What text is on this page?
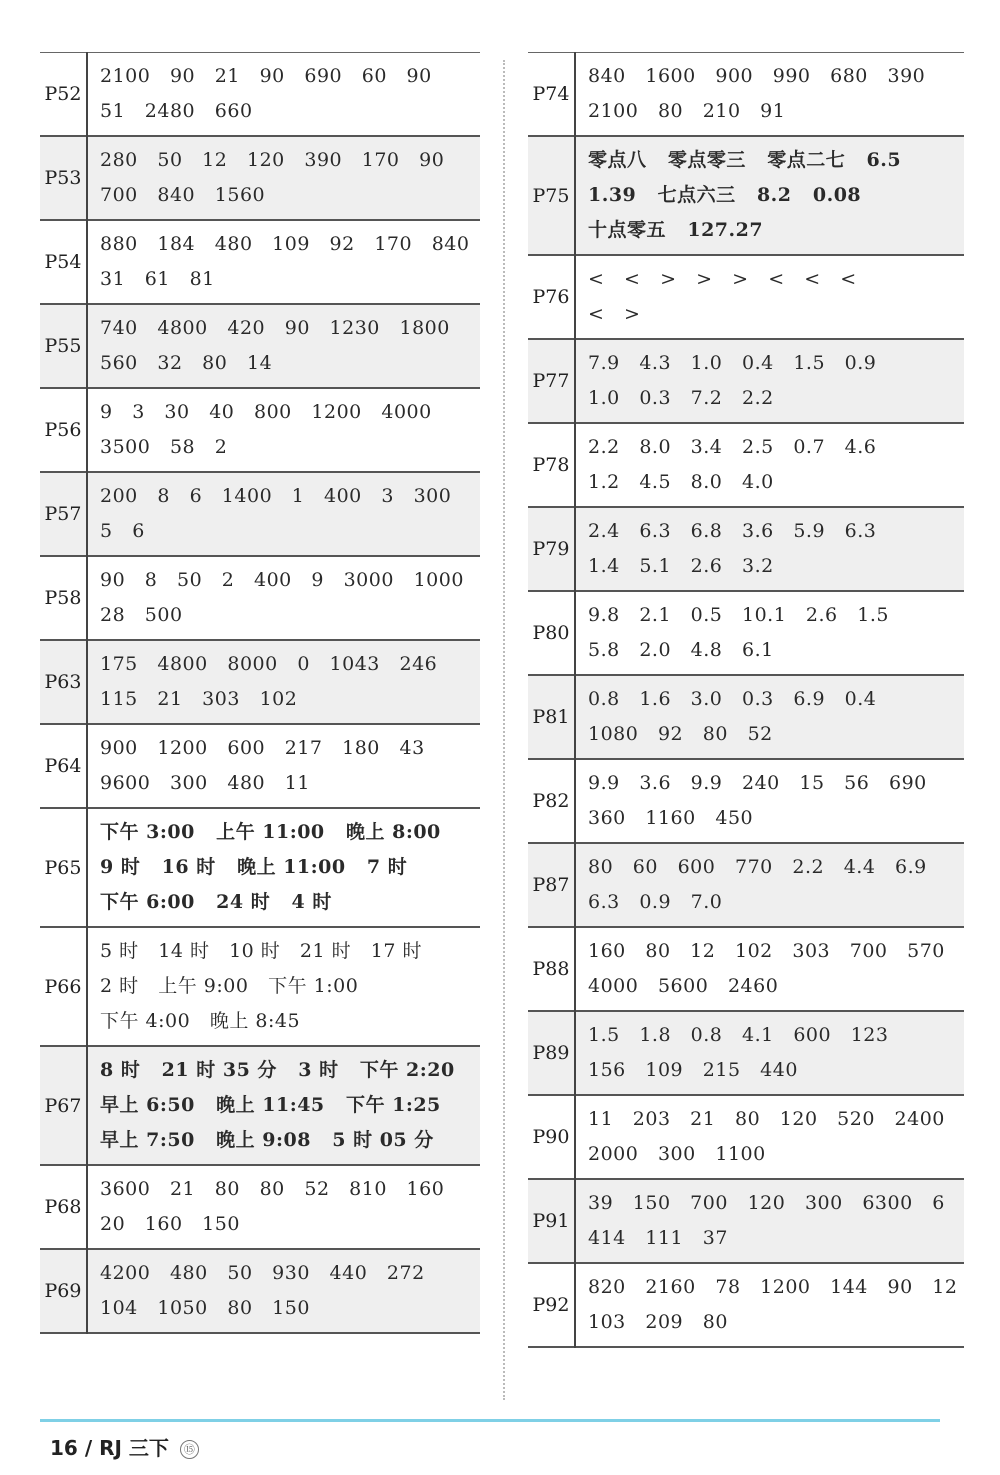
P52	2100   90   21   90   690   60   90
51   2480   660

P53	280   50   12   120   390   170   90
700   840   1560

P54	880   184   480   109   92   170   840
31   61   81

P55	740   4800   420   90   1230   1800
560   32   80   14

P56	9   3   30   40   800   1200   4000
3500   58   2

P57	200   8   6   1400   1   400   3   300
5   6

P58	90   8   50   2   400   9   3000   1000
28   500

P63	175   4800   8000   0   1043   246
115   21   303   102

P64	900   1200   600   217   180   43
9600   300   480   11

P65	下午 3:00   上午 11:00   晚上 8:00
9 时   16 时   晚上 11:00   7 时
下午 6:00   24 时   4 时

P66	5 时   14 时   10 时   21 时   17 时
2 时   上午 9:00   下午 1:00
下午 4:00   晚上 8:45

P67	8 时   21 时 35 分   3 时   下午 2:20
早上 6:50   晚上 11:45   下午 1:25
早上 7:50   晚上 9:08   5 时 05 分

P68	3600   21   80   80   52   810   160
20   160   150

P69	4200   480   50   930   440   272
104   1050   80   150
P74	840   1600   900   990   680   390
2100   80   210   91

P75	零点八   零点零三   零点二七   6.5
1.39   七点六三   8.2   0.08
十点零五   127.27

P76	<   <   >   >   >   <   <   <
<   >

P77	7.9   4.3   1.0   0.4   1.5   0.9
1.0   0.3   7.2   2.2

P78	2.2   8.0   3.4   2.5   0.7   4.6
1.2   4.5   8.0   4.0

P79	2.4   6.3   6.8   3.6   5.9   6.3
1.4   5.1   2.6   3.2

P80	9.8   2.1   0.5   10.1   2.6   1.5
5.8   2.0   4.8   6.1

P81	0.8   1.6   3.0   0.3   6.9   0.4
1080   92   80   52

P82	9.9   3.6   9.9   240   15   56   690
360   1160   450

P87	80   60   600   770   2.2   4.4   6.9
6.3   0.9   7.0

P88	160   80   12   102   303   700   570
4000   5600   2460

P89	1.5   1.8   0.8   4.1   600   123
156   109   215   440

P90	11   203   21   80   120   520   2400
2000   300   1100

P91	39   150   700   120   300   6300   6
414   111   37

P92	820   2160   78   1200   144   90   12
103   209   80
16 / RJ 三下 ⑮
